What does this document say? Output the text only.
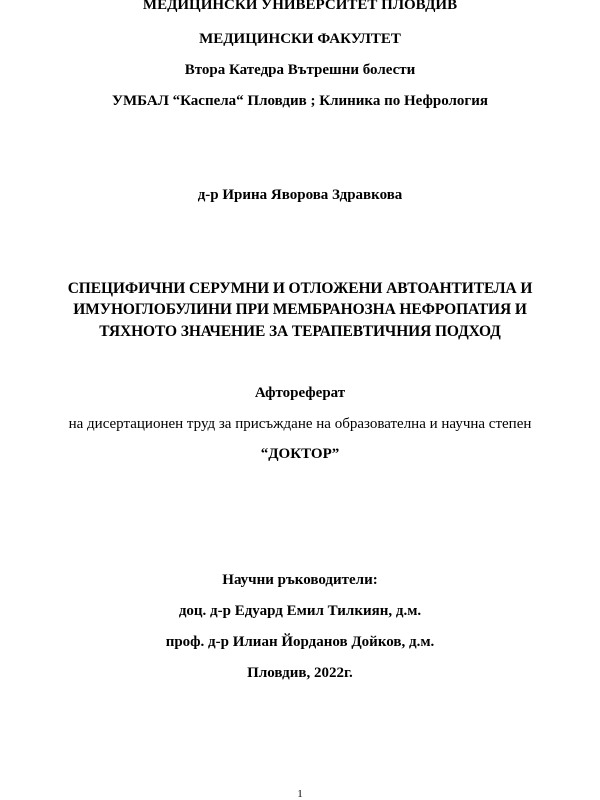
МЕДИЦИНСКИ УНИВЕРСИТЕТ ПЛОВДИВ
МЕДИЦИНСКИ ФАКУЛТЕТ
Втора Катедра Вътрешни болести
УМБАЛ “Каспела“ Пловдив ; Клиника по Нефрология
д-р Ирина Яворова Здравкова
СПЕЦИФИЧНИ СЕРУМНИ И ОТЛОЖЕНИ АВТОАНТИТЕЛА И
ИМУНОГЛОБУЛИНИ ПРИ МЕМБРАНОЗНА НЕФРОПАТИЯ И
ТЯХНОТО ЗНАЧЕНИЕ ЗА ТЕРАПЕВТИЧНИЯ ПОДХОД
Афтореферат
на дисертационен труд за присъждане на образователна и научна степен
“ДОКТОР”
Научни ръководители:
доц. д-р Едуард Емил Тилкиян, д.м.
проф. д-р Илиан Йорданов Дойков, д.м.
Пловдив, 2022г.
1
